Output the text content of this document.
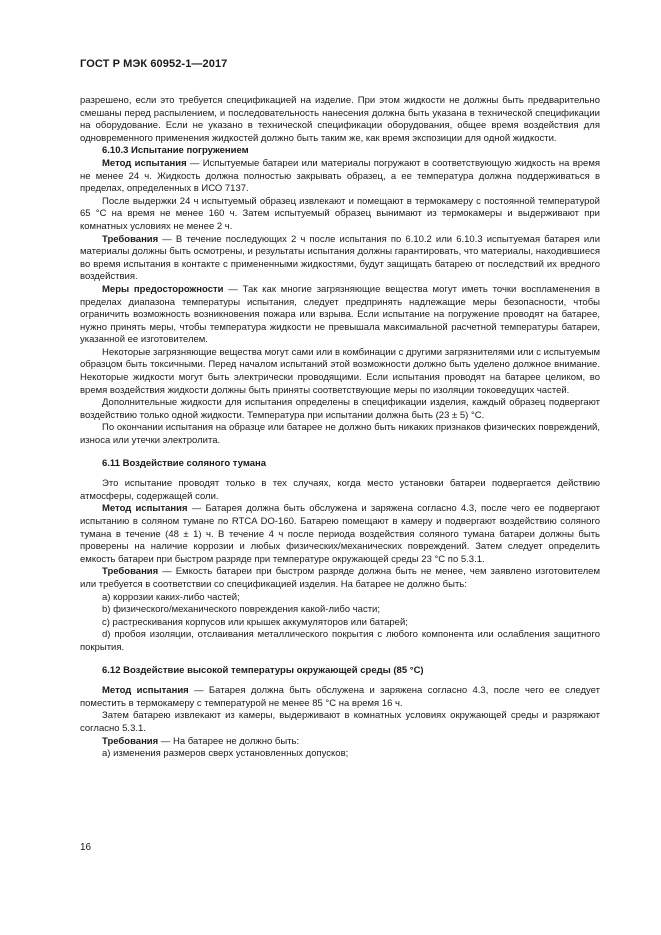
ГОСТ Р МЭК 60952-1—2017

разрешено, если это требуется спецификацией на изделие. При этом жидкости не должны быть предварительно смешаны перед распылением, и последовательность нанесения должна быть указана в технической спецификации на оборудование. Если не указано в технической спецификации оборудования, общее время воздействия для одновременного применения жидкостей должно быть таким же, как время экспозиции для одной жидкости.

6.10.3 Испытание погружением

Метод испытания — Испытуемые батареи или материалы погружают в соответствующую жидкость на время не менее 24 ч. Жидкость должна полностью закрывать образец, а ее температура должна поддерживаться в пределах, определенных в ИСО 7137.

После выдержки 24 ч испытуемый образец извлекают и помещают в термокамеру с постоянной температурой 65 °С на время не менее 160 ч. Затем испытуемый образец вынимают из термокамеры и выдерживают при комнатных условиях не менее 2 ч.

Требования — В течение последующих 2 ч после испытания по 6.10.2 или 6.10.3 испытуемая батарея или материалы должны быть осмотрены, и результаты испытания должны гарантировать, что материалы, находившиеся во время испытания в контакте с примененными жидкостями, будут защищать батарею от последствий их вредного воздействия.

Меры предосторожности — Так как многие загрязняющие вещества могут иметь точки воспламенения в пределах диапазона температуры испытания, следует предпринять надлежащие меры безопасности, чтобы ограничить возможность возникновения пожара или взрыва. Если испытание на погружение проводят на батарее, нужно принять меры, чтобы температура жидкости не превышала максимальной расчетной температуры батареи, указанной ее изготовителем.

Некоторые загрязняющие вещества могут сами или в комбинации с другими загрязнителями или с испытуемым образцом быть токсичными. Перед началом испытаний этой возможности должно быть уделено должное внимание. Некоторые жидкости могут быть электрически проводящими. Если испытания проводят на батарее целиком, во время воздействия жидкости должны быть приняты соответствующие меры по изоляции токоведущих частей.

Дополнительные жидкости для испытания определены в спецификации изделия, каждый образец подвергают воздействию только одной жидкости. Температура при испытании должна быть (23 ± 5) °С.

По окончании испытания на образце или батарее не должно быть никаких признаков физических повреждений, износа или утечки электролита.

6.11 Воздействие соляного тумана

Это испытание проводят только в тех случаях, когда место установки батареи подвергается действию атмосферы, содержащей соли.

Метод испытания — Батарея должна быть обслужена и заряжена согласно 4.3, после чего ее подвергают испытанию в соляном тумане по RTCA DO-160. Батарею помещают в камеру и подвергают воздействию соляного тумана в течение (48 ± 1) ч. В течение 4 ч после периода воздействия соляного тумана батареи должны быть проверены на наличие коррозии и любых физических/механических повреждений. Затем следует определить емкость батареи при быстром разряде при температуре окружающей среды 23 °С по 5.3.1.

Требования — Емкость батареи при быстром разряде должна быть не менее, чем заявлено изготовителем или требуется в соответствии со спецификацией изделия. На батарее не должно быть:

a) коррозии каких-либо частей;

b) физического/механического повреждения какой-либо части;

c) растрескивания корпусов или крышек аккумуляторов или батарей;

d) пробоя изоляции, отслаивания металлического покрытия с любого компонента или ослабления защитного покрытия.

6.12 Воздействие высокой температуры окружающей среды (85 °С)

Метод испытания — Батарея должна быть обслужена и заряжена согласно 4.3, после чего ее следует поместить в термокамеру с температурой не менее 85 °С на время 16 ч.

Затем батарею извлекают из камеры, выдерживают в комнатных условиях окружающей среды и разряжают согласно 5.3.1.

Требования — На батарее не должно быть:

a) изменения размеров сверх установленных допусков;

16
